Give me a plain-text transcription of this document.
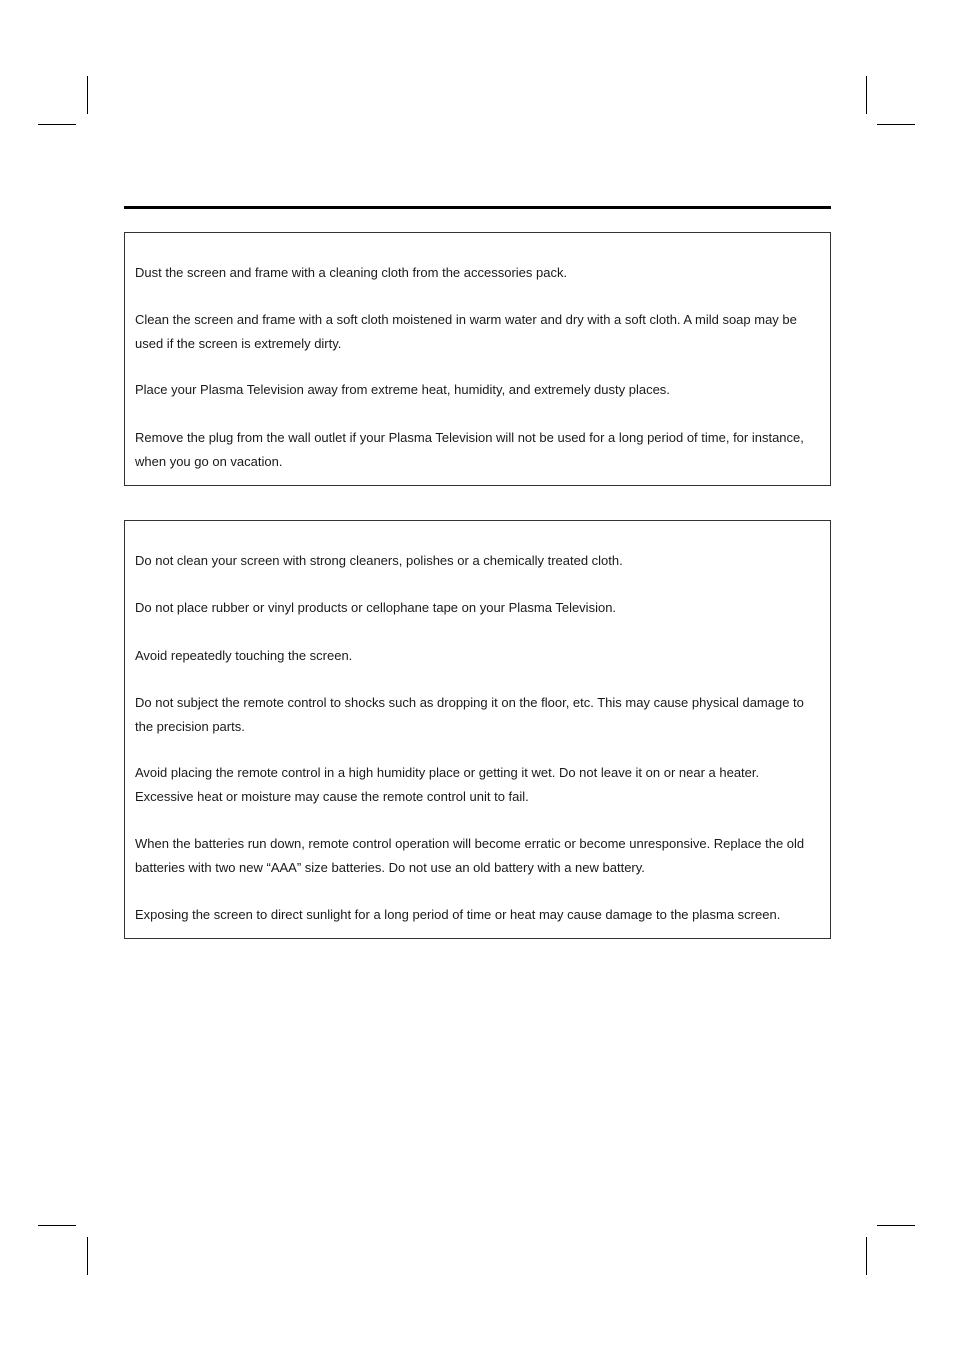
Dust the screen and frame with a cleaning cloth from the accessories pack.

Clean the screen and frame with a soft cloth moistened in warm water and dry with a soft cloth. A mild soap may be used if the screen is extremely dirty.

Place your Plasma Television away from extreme heat, humidity, and extremely dusty places.

Remove the plug from the wall outlet if your Plasma Television will not be used for a long period of time, for instance, when you go on vacation.

Do not clean your screen with strong cleaners, polishes or a chemically treated cloth.

Do not place rubber or vinyl products or cellophane tape on your Plasma Television.

Avoid repeatedly touching the screen.

Do not subject the remote control to shocks such as dropping it on the floor, etc. This may cause physical damage to the precision parts.

Avoid placing the remote control in a high humidity place or getting it wet. Do not leave it on or near a heater. Excessive heat or moisture may cause the remote control unit to fail.

When the batteries run down, remote control operation will become erratic or become unresponsive. Replace the old batteries with two new “AAA” size batteries. Do not use an old battery with a new battery.

Exposing the screen to direct sunlight for a long period of time or heat may cause damage to the plasma screen.
